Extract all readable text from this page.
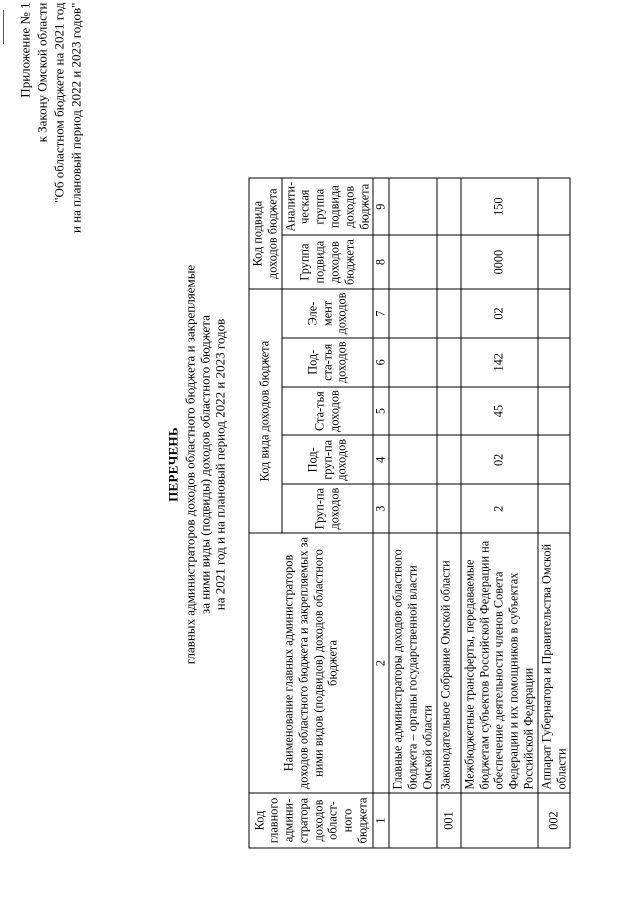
Приложение № 1 к Закону Омской области "Об областном бюджете на 2021 год и на плановый период 2022 и 2023 годов"
ПЕРЕЧЕНЬ главных администраторов доходов областного бюджета и закрепляемые за ними виды (подвиды) доходов областного бюджета на 2021 год и на плановый период 2022 и 2023 годов
Код главного админи-стратора доходов област-ного бюджета	Наименование главных администраторов доходов областного бюджета и закрепляемых за ними видов (подвидов) доходов областного бюджета	Код вида доходов бюджета					Код подвида доходов бюджета	
		Груп-па доходов	Под-груп-па доходов	Ста-тья доходов	Под-ста-тья доходов	Эле-мент доходов	Группа подвида доходов бюджета	Аналити-ческая группа подвида доходов бюджета
1	2	3	4	5	6	7	8	9
	Главные администраторы доходов областного бюджета – органы государственной власти Омской области							
001	Законодательное Собрание Омской области							
	Межбюджетные трансферты, передаваемые бюджетам субъектов Российской Федерации на обеспечение деятельности членов Совета Федерации и их помощников в субъектах Российской Федерации	2	02	45	142	02	0000	150
002	Аппарат Губернатора и Правительства Омской области							
